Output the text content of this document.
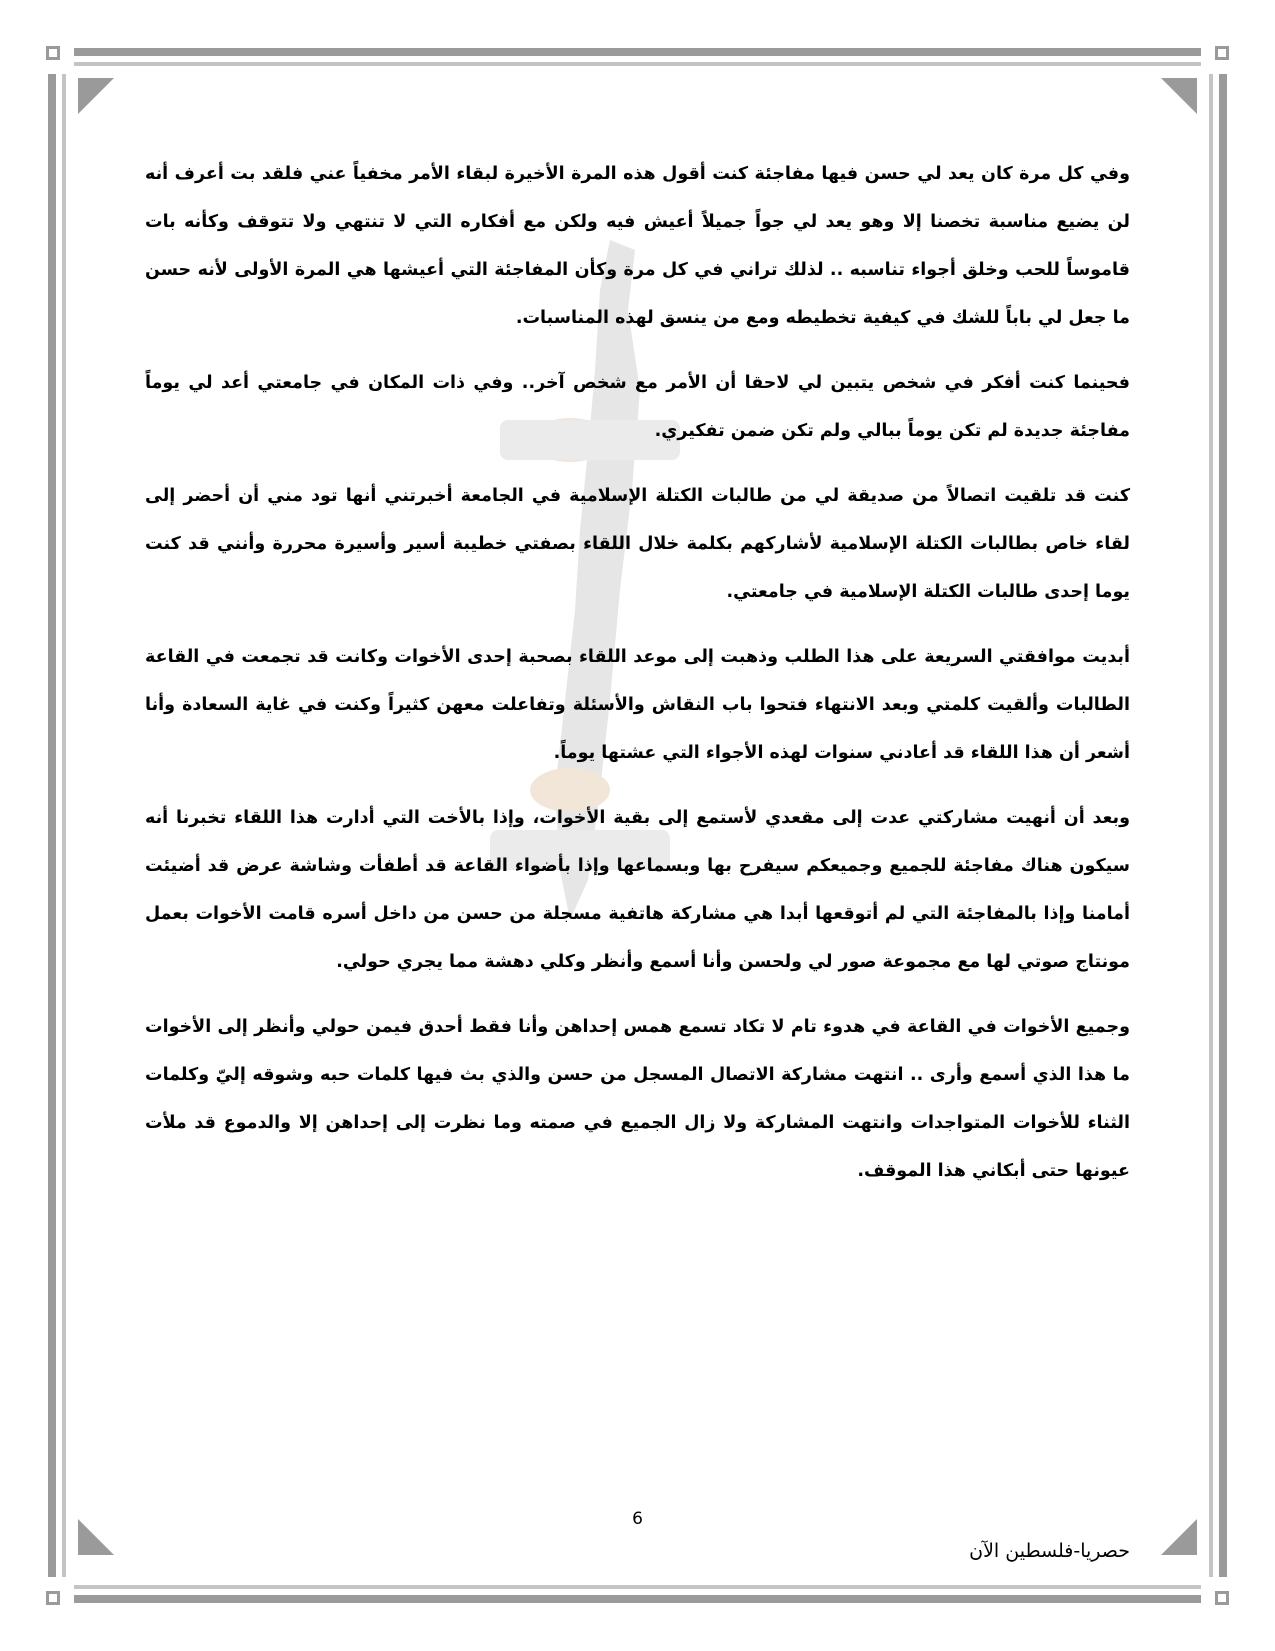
وفي كل مرة كان يعد لي حسن فيها مفاجئة كنت أقول هذه المرة الأخيرة لبقاء الأمر مخفياً عني فلقد بت أعرف أنه لن يضيع مناسبة تخصنا إلا وهو يعد لي جواً جميلاً أعيش فيه ولكن مع أفكاره التي لا تنتهي ولا تتوقف وكأنه بات قاموساً للحب وخلق أجواء تناسبه .. لذلك تراني في كل مرة وكأن المفاجئة التي أعيشها هي المرة الأولى لأنه حسن ما جعل لي باباً للشك في كيفية تخطيطه ومع من ينسق لهذه المناسبات.

فحينما كنت أفكر في شخص يتبين لي لاحقا أن الأمر مع شخص آخر.. وفي ذات المكان في جامعتي أعد لي يوماً مفاجئة جديدة لم تكن يوماً ببالي ولم تكن ضمن تفكيري.

كنت قد تلقيت اتصالاً من صديقة لي من طالبات الكتلة الإسلامية في الجامعة أخبرتني أنها تود مني أن أحضر إلى لقاء خاص بطالبات الكتلة الإسلامية لأشاركهم بكلمة خلال اللقاء بصفتي خطيبة أسير وأسيرة محررة وأنني قد كنت يوما إحدى طالبات الكتلة الإسلامية في جامعتي.

أبديت موافقتي السريعة على هذا الطلب وذهبت إلى موعد اللقاء بصحبة إحدى الأخوات وكانت قد تجمعت في القاعة الطالبات وألقيت كلمتي وبعد الانتهاء فتحوا باب النقاش والأسئلة وتفاعلت معهن كثيراً وكنت في غاية السعادة وأنا أشعر أن هذا اللقاء قد أعادني سنوات لهذه الأجواء التي عشتها يوماً.

وبعد أن أنهيت مشاركتي عدت إلى مقعدي لأستمع إلى بقية الأخوات، وإذا بالأخت التي أدارت هذا اللقاء تخبرنا أنه سيكون هناك مفاجئة للجميع وجميعكم سيفرح بها وبسماعها وإذا بأضواء القاعة قد أطفأت وشاشة عرض قد أضيئت أمامنا وإذا بالمفاجئة التي لم أتوقعها أبدا هي مشاركة هاتفية مسجلة من حسن من داخل أسره قامت الأخوات بعمل مونتاج صوتي لها مع مجموعة صور لي ولحسن وأنا أسمع وأنظر وكلي دهشة مما يجري حولي.

وجميع الأخوات في القاعة في هدوء تام لا تكاد تسمع همس إحداهن وأنا فقط أحدق فيمن حولي وأنظر إلى الأخوات ما هذا الذي أسمع وأرى .. انتهت مشاركة الاتصال المسجل من حسن والذي بث فيها كلمات حبه وشوقه إليّ وكلمات الثناء للأخوات المتواجدات وانتهت المشاركة ولا زال الجميع في صمته وما نظرت إلى إحداهن إلا والدموع قد ملأت عيونها حتى أبكاني هذا الموقف.

6
حصريا-فلسطين الآن
